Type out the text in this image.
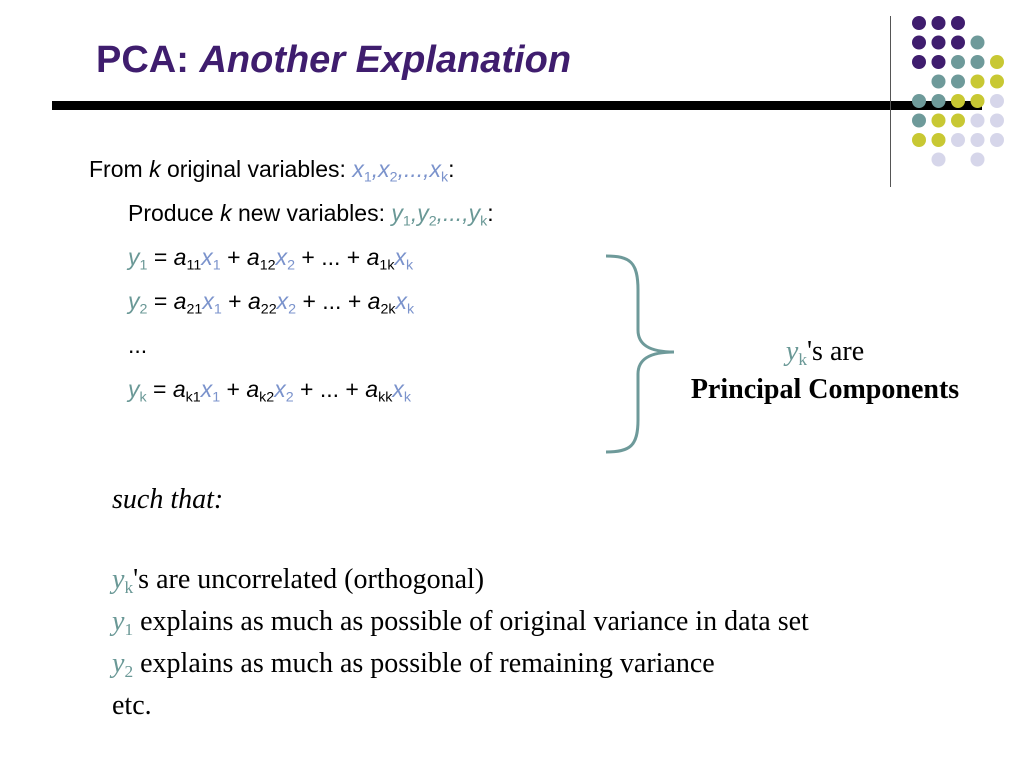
PCA: Another Explanation
From k original variables: $x_1,x_2,...,x_k$:
Produce k new variables: $y_1,y_2,...,y_k$:
$y_1 = a_{11}x_1 + a_{12}x_2$ + ... + $a_{1k}x_k$
$y_2 = a_{21}x_1 + a_{22}x_2$ + ... + $a_{2k}x_k$
...
$y_k = a_{k1}x_1 + a_{k2}x_2$ + ... + $a_{kk}x_k$
$y_k's$ are
Principal Components
such that:
$y_k's$ are uncorrelated (orthogonal)
$y_1$ explains as much as possible of original variance in data set
$y_2$ explains as much as possible of remaining variance
etc.
